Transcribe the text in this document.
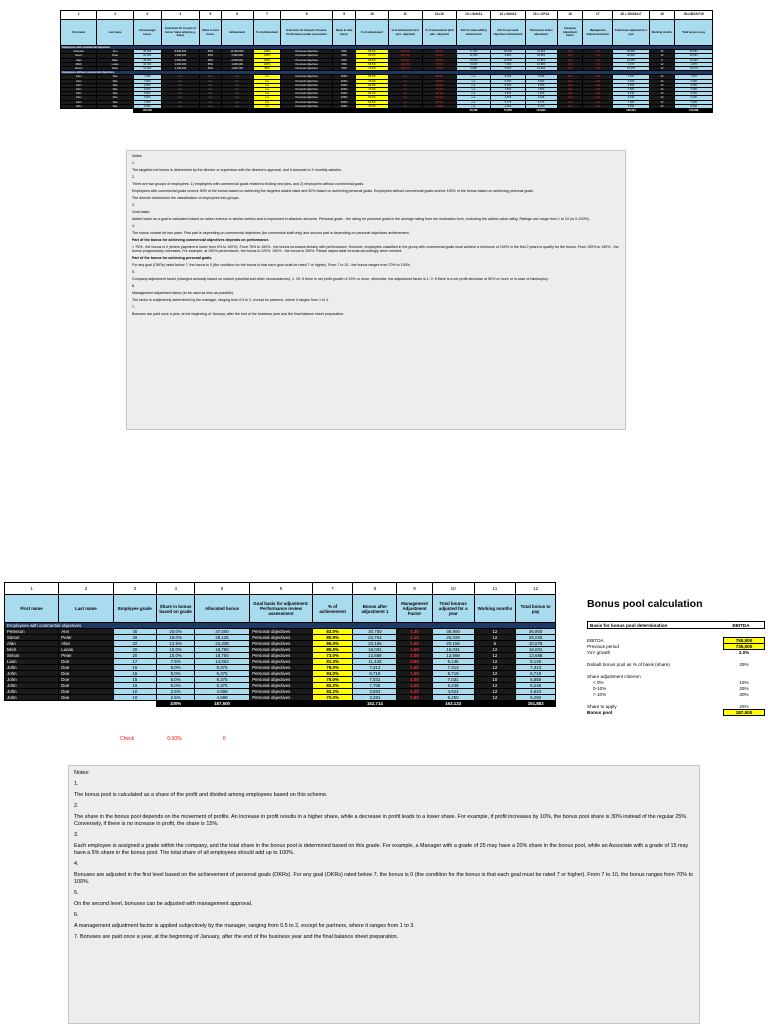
1	2	3	4	5	6	7	8	9	10	11	12=10	13 = 9xfx11	14 = 9xfx12	15 = 13+14	16	17	18 = 15x16x17	19	20=18/12x*19
First name	Last name	Annual target bonus	Goal basis for 1st part of bonus: Value added (e.g. Sales)	Share in total bonus	Achievement	% of achievement	Goal basis for 2nd part of bonus: Performance review assessment	Share in total bonus	% of achievement	% of achievement (1st part - adjusted)	% of achievement (2nd part - adjusted)	Part for value adding achievement	Part for personal objectives achievement	Total bonus before adjustment	Company Adjustment Factor	Management Adjustment Factor	Total bonus adjusted for a year	Working months	Total bonus to pay
Employees with commercial objectives																			
Peterson	Ann	35,000	8,000,000	50%	11,000,000	138%	Personal objectives	50%	82.0%	150.0%	82.0%	17,447	15,000	31,963	1.00	1.20	38,382	12	38,382
Simon	Peter	20,000	1,000,000	50%	1,050,000	105%	Personal objectives	50%	80.9%	105.0%	80.9%	11,060	9,864	20,864	1.00	1.00	20,864	12	20,864
Alan	Marc	30,000	2,000,000	50%	2,000,000	100%	Personal objectives	50%	86.5%	100.0%	86.5%	15,000	12,825	27,863	1.00	1.10	30,650	6	15,325
Mitch	Lucas	18,000	1,000,000	50%	1,000,000	100%	Personal objectives	50%	69.5%	100.0%	69.5%	9,000	7,695	16,695	1.00	0.10	1,670	12	1,670
Simon	Peter	14,000	1,100,000	50%	1,045,750	95%	Personal objectives	50%	75.0%	100.0%	75.0%	6,986	5,600	12,663	1.00	1.20	15,175	12	15,175
Employees without commercial objectives																			
Liam	Doe	7,000	n.a.	n.a.	n.a.	n.a.	Personal objectives	100%	85.9%	n.a.	85.9%	n.a.	6,048	6,048	1.00	1.20	7,257	12	7,257
Liam	Doe	7,000	n.a.	n.a.	n.a.	n.a.	Personal objectives	100%	78.0%	n.a.	78.0%	n.a.	5,460	5,460	1.00	1.00	5,460	12	5,460
John	Doe	6,000	n.a.	n.a.	n.a.	n.a.	Personal objectives	100%	83.8%	n.a.	83.8%	n.a.	6,600	6,600	1.00	1.00	6,600	12	6,600
John	Doe	6,000	n.a.	n.a.	n.a.	n.a.	Personal objectives	100%	75.0%	n.a.	75.0%	n.a.	7,500	7,500	1.00	1.00	7,500	12	7,500
John	Doe	5,000	n.a.	n.a.	n.a.	n.a.	Personal objectives	100%	82.3%	n.a.	82.3%	n.a.	4,525	4,525	1.00	1.20	5,430	12	5,430
John	Doe	5,000	n.a.	n.a.	n.a.	n.a.	Personal objectives	100%	82.3%	n.a.	82.3%	n.a.	4,525	4,525	1.00	1.20	5,430	12	5,430
John	Doe	7,000	n.a.	n.a.	n.a.	n.a.	Personal objectives	100%	82.5%	n.a.	82.5%	n.a.	5,775	5,775	1.00	1.20	7,000	12	7,000
John	Doe	6,000	n.a.	n.a.	n.a.	n.a.	Personal objectives	100%	70.0%	n.a.	70.0%	n.a.	4,200	4,200	1.00	1.20	5,040	12	5,040
		120,500										59,182	75,850	134,891			138,094		120,468

Notes:

1.

The targeted net bonus is determined by the director or supervisor with the director's approval, and it amounts to X monthly salaries.

2.

There are two groups of employees: 1) employees with commercial goals related to finding new jobs, and 2) employees without commercial goals.

Employees with commercial goals receive 50% of the bonus based on achieving the targeted added value and 50% based on achieving personal goals. Employees without commercial goals receive 100% of the bonus based on achieving personal goals.

The director determines the classification of employees into groups.

3.

Goal basis:

Added value as a goal is calculated based on sales revenue or similar metrics and is expressed in absolute amounts. Personal goals - the rating for personal goals is the average rating from the evaluation form, excluding the added value rating. Ratings can range from 1 to 10 (or 0-100%).

4.

The bonus consist for two parts: First part is depending on commercial objectives (for commertial staff only) and second part is depending on personal objectives achievement.

Part of the bonus for achieving commercial objectives depends on performance.

< 75% - the bonus is 0 (where payment is lower from 0% to 100%). From 75% to 100% - the bonus increases linearly with performance. However, employees classified in the group with commercial goals must achieve a minimum of 100% in the first 2 years to qualify for the bonus. From 100% to 150% - the bonus progressively increases. For example, at 150% performance, the bonus is 120%. 150% - the bonus is 200%. Please adjust table formula accordingly when needed.

Part of the bonus for achieving personal goals.

For any goal (OKRs) rated below 7, the bonus is 0 (the condition for the bonus is that each goal must be rated 7 or higher). From 7 to 10 - the bonus ranges from 70% to 100%.

5.

Company adjustment factor (changed annually based on market potential and other circumstances). 1. 25: If there is net profit growth of 15% or more, otherwise, the adjustment factor is 1. 0: If there is a net profit decrease of 50% or more or in case of bankruptcy.

6.

Management adjustment factor (to be used as less as possible).

The factor is subjectively determined by the manager, ranging from 0.5 to 2, except for partners, where it ranges from 1 to 3.

7.

Bonuses are paid once a year, at the beginning of January, after the end of the business year and the final balance sheet preparation.

1	2	3	4	5	6	7	8	9	10	11	12
First name	Last name	Employee grade	Share in bonus based on grade	Allocated bonus	Goal basis for adjustment: Performance review assessment	% of achievement	Bonus after adjustment 1	Management Adjustment Factor	Total bounus adjusted for a year	Working months	Total bonus to pay
Employees with commertial objectives											
Peterson	Ann	30	20.0%	37,500	Personal objectives	82.0%	30,750	1.20	36,900	12	36,900
Simon	Peter	26	15.0%	28,125	Personal objectives	80.9%	22,754	1.10	25,028	12	25,028
Alan	Alan	22	12.5%	23,438	Personal objectives	86.0%	20,156	1.00	20,156	6	10,078
Mich	Lucas	20	10.0%	18,750	Personal objectives	85.5%	16,031	1.00	16,031	12	16,031
Simon	Peter	20	10.0%	18,750	Personal objectives	73.0%	13,688	1.00	13,688	12	13,688
Liam	Doe	17	7.5%	14,063	Personal objectives	81.3%	11,433	0.80	9,146	12	9,146
John	Doe	15	5.0%	9,375	Personal objectives	78.0%	7,313	1.00	7,313	12	7,313
John	Doe	15	5.0%	9,375	Personal objectives	93.0%	8,719	1.00	8,719	12	8,719
John	Doe	15	5.0%	9,375	Personal objectives	75.0%	7,031	1.00	7,031	10	5,859
John	Doe	15	5.0%	9,375	Personal objectives	82.2%	7,706	1.20	9,248	12	9,248
John	Doe	10	2.5%	4,688	Personal objectives	82.2%	3,853	1.20	4,624	12	4,624
John	Doe	10	2.5%	4,688	Personal objectives	70.0%	3,281	1.60	5,250	12	5,250
			100%	187,500			152,714		163,133		151,883
Check	0.00%	0
Bonus pool calculation
Basis for bonus pool determination	EBITDA
EBITDA	750,000
Previous period	735,000
YoY growth	2.0%
Default bonus pool as % of basis (share)	25%
Share adjustment criterion
< 0%	15%
0-10%	25%
> 10%	30%
Share to apply	25%
Bonus pool	187,500

Notes:

1.

The bonus pool is calculated as a share of the profit and divided among employees based on this scheme.

2.

The share in the bonus pool depends on the movement of profits. An increase in profit results in a higher share, while a decrease in profit leads to a lower share. For example, if profit increases by 10%, the bonus pool share is 30% instead of the regular 25%. Conversely, if there is no increase in profit, the share is 15%.

3.

Each employee is assigned a grade within the company, and the total share in the bonus pool is determined based on this grade. For example, a Manager with a grade of 25 may have a 20% share in the bonus pool, while an Associate with a grade of 15 may have a 5% share in the bonus pool. The total share of all employees should add up to 100%.

4.

Bonuses are adjusted in the first level based on the achievement of personal goals (OKRs). For any goal (OKRs) rated below 7, the bonus is 0 (the condition for the bonus is that each goal must be rated 7 or higher). From 7 to 10, the bonus ranges from 70% to 100%.

5.

On the second level, bonuses can be adjusted with management approval.

6.

A management adjustment factor is applied subjectively by the manager, ranging from 0.5 to 2, except for partners, where it ranges from 1 to 3.

7. Bonuses are paid once a year, at the beginning of January, after the end of the business year and the final balance sheet preparation.
